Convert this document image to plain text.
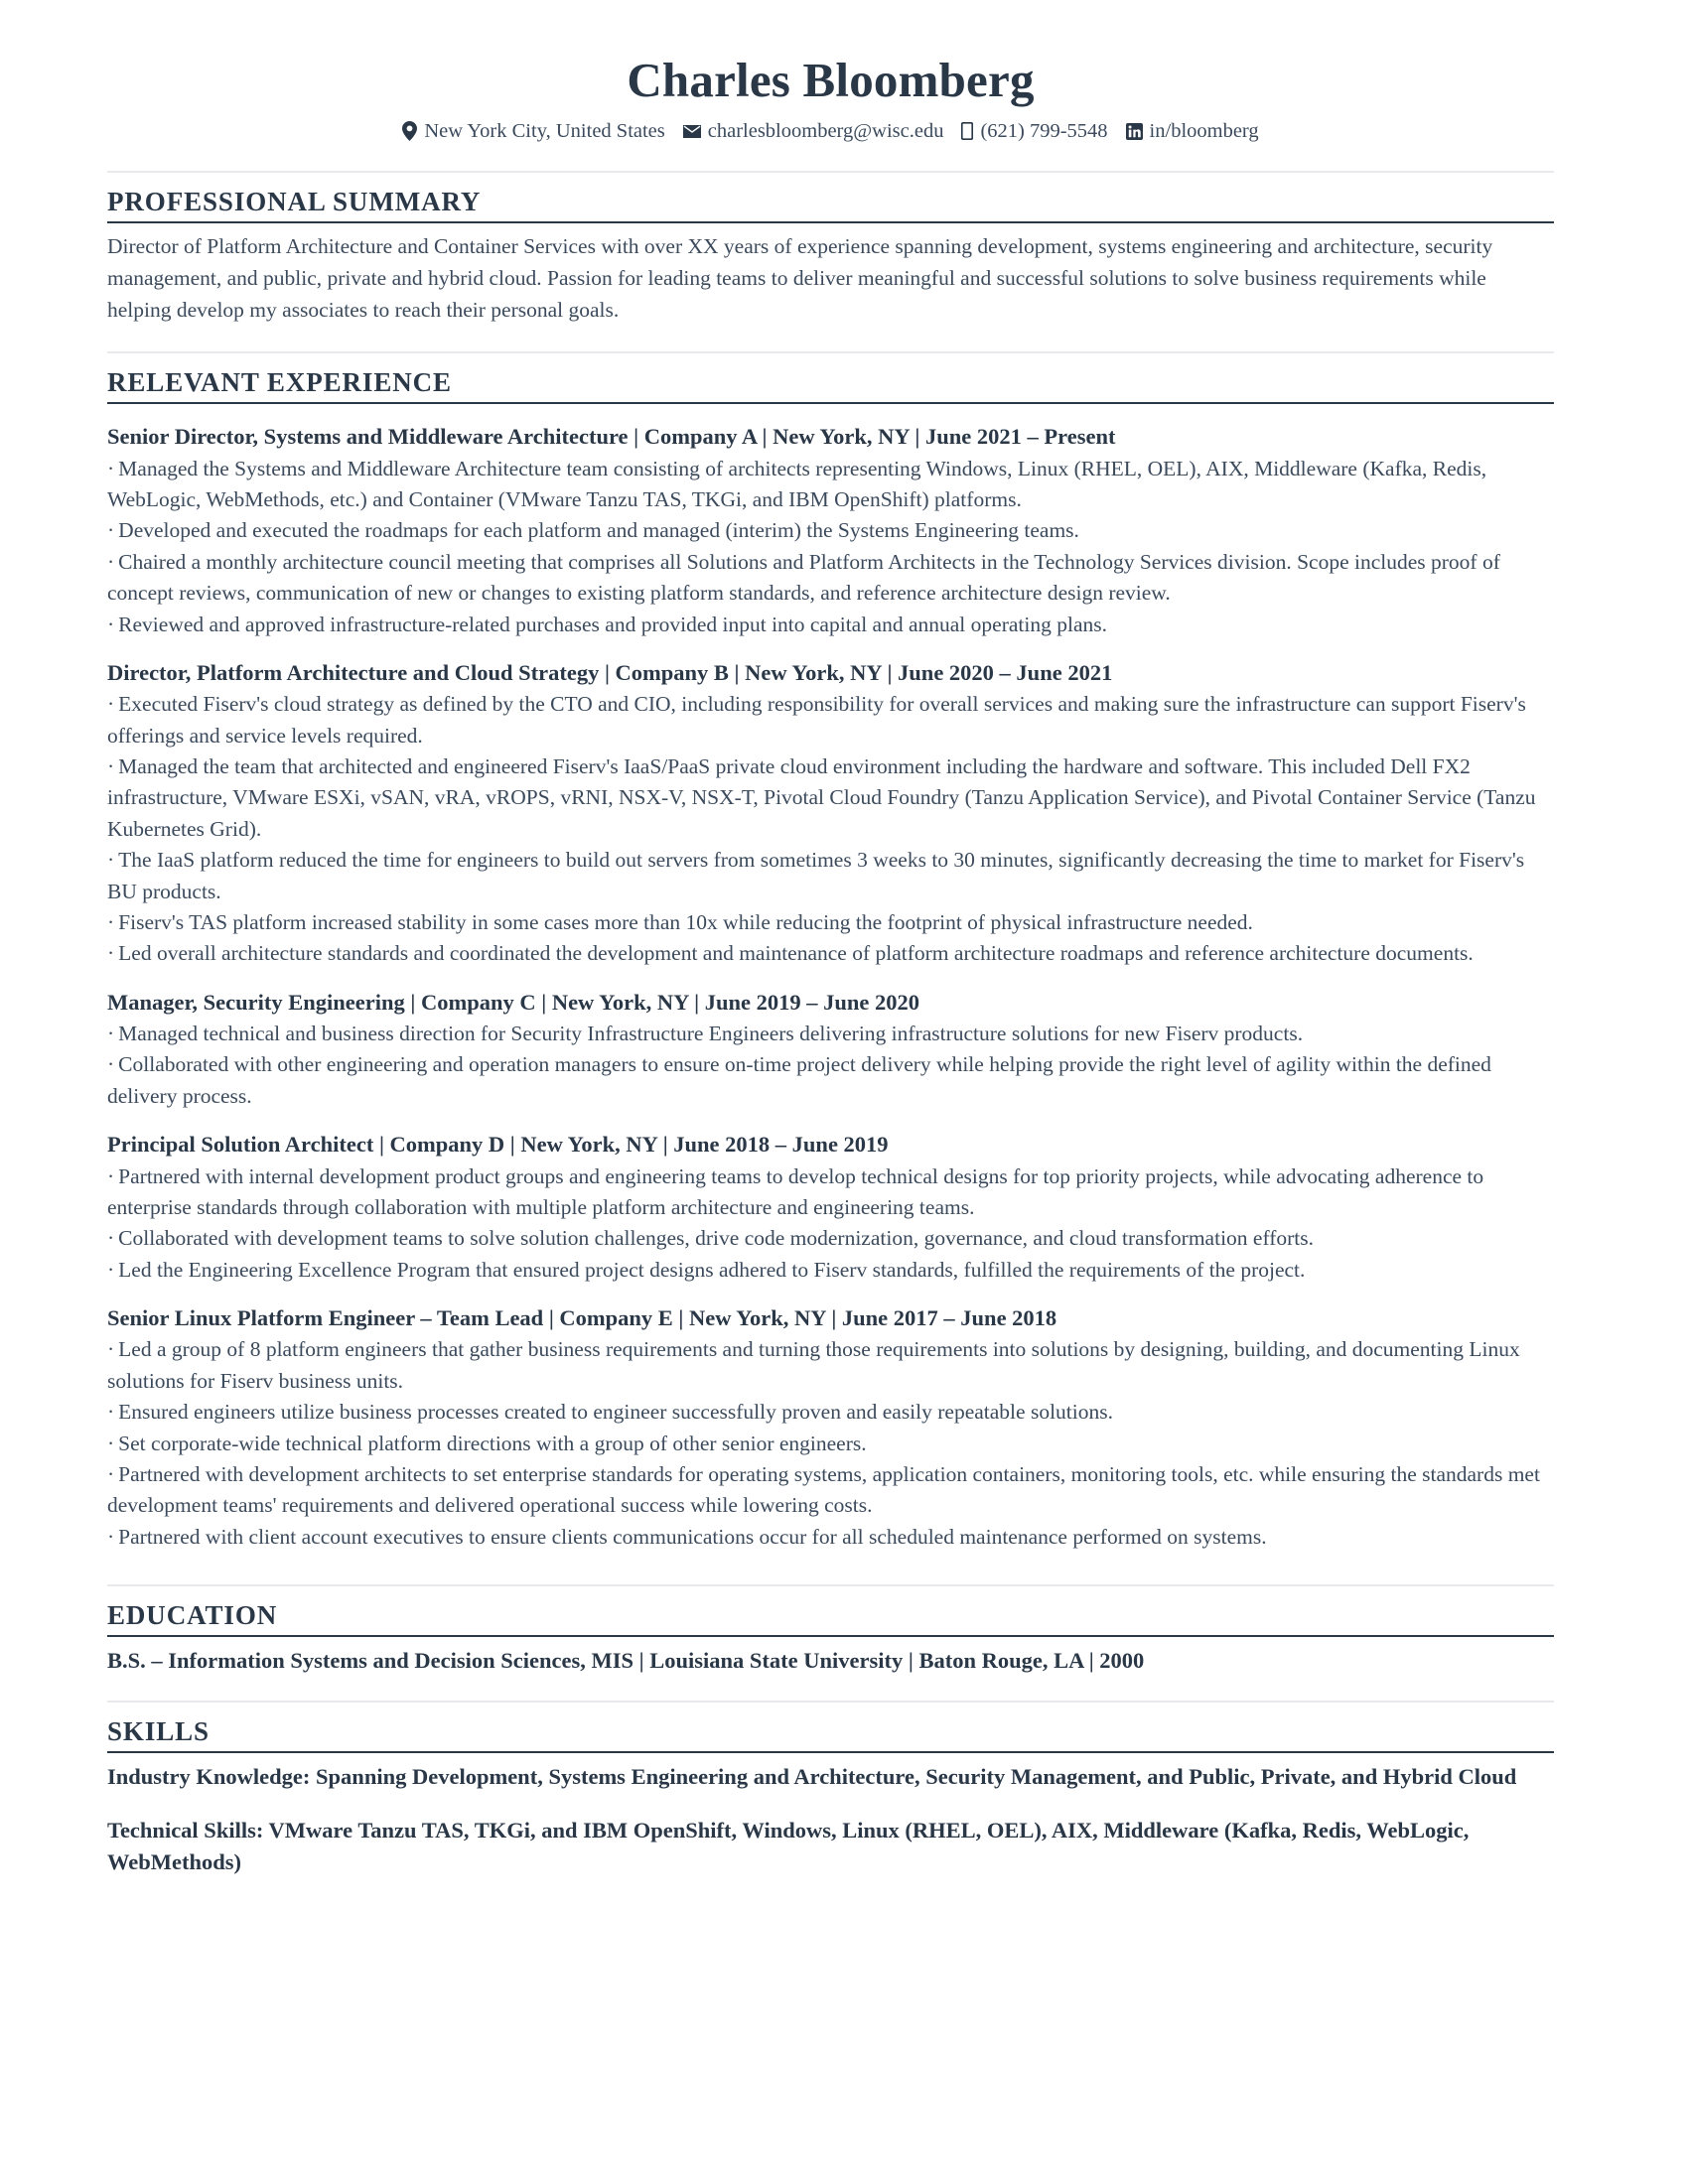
Charles Bloomberg
New York City, United States charlesbloomberg@wisc.edu (621) 799-5548 in/bloomberg
PROFESSIONAL SUMMARY
Director of Platform Architecture and Container Services with over XX years of experience spanning development, systems engineering and architecture, security management, and public, private and hybrid cloud. Passion for leading teams to deliver meaningful and successful solutions to solve business requirements while helping develop my associates to reach their personal goals.
RELEVANT EXPERIENCE
Senior Director, Systems and Middleware Architecture | Company A | New York, NY | June 2021 – Present
· Managed the Systems and Middleware Architecture team consisting of architects representing Windows, Linux (RHEL, OEL), AIX, Middleware (Kafka, Redis, WebLogic, WebMethods, etc.) and Container (VMware Tanzu TAS, TKGi, and IBM OpenShift) platforms.
· Developed and executed the roadmaps for each platform and managed (interim) the Systems Engineering teams.
· Chaired a monthly architecture council meeting that comprises all Solutions and Platform Architects in the Technology Services division. Scope includes proof of concept reviews, communication of new or changes to existing platform standards, and reference architecture design review.
· Reviewed and approved infrastructure-related purchases and provided input into capital and annual operating plans.
Director, Platform Architecture and Cloud Strategy | Company B | New York, NY | June 2020 – June 2021
· Executed Fiserv's cloud strategy as defined by the CTO and CIO, including responsibility for overall services and making sure the infrastructure can support Fiserv's offerings and service levels required.
· Managed the team that architected and engineered Fiserv's IaaS/PaaS private cloud environment including the hardware and software. This included Dell FX2 infrastructure, VMware ESXi, vSAN, vRA, vROPS, vRNI, NSX-V, NSX-T, Pivotal Cloud Foundry (Tanzu Application Service), and Pivotal Container Service (Tanzu Kubernetes Grid).
· The IaaS platform reduced the time for engineers to build out servers from sometimes 3 weeks to 30 minutes, significantly decreasing the time to market for Fiserv's BU products.
· Fiserv's TAS platform increased stability in some cases more than 10x while reducing the footprint of physical infrastructure needed.
· Led overall architecture standards and coordinated the development and maintenance of platform architecture roadmaps and reference architecture documents.
Manager, Security Engineering | Company C | New York, NY | June 2019 – June 2020
· Managed technical and business direction for Security Infrastructure Engineers delivering infrastructure solutions for new Fiserv products.
· Collaborated with other engineering and operation managers to ensure on-time project delivery while helping provide the right level of agility within the defined delivery process.
Principal Solution Architect | Company D | New York, NY | June 2018 – June 2019
· Partnered with internal development product groups and engineering teams to develop technical designs for top priority projects, while advocating adherence to enterprise standards through collaboration with multiple platform architecture and engineering teams.
· Collaborated with development teams to solve solution challenges, drive code modernization, governance, and cloud transformation efforts.
· Led the Engineering Excellence Program that ensured project designs adhered to Fiserv standards, fulfilled the requirements of the project.
Senior Linux Platform Engineer – Team Lead | Company E | New York, NY | June 2017 – June 2018
· Led a group of 8 platform engineers that gather business requirements and turning those requirements into solutions by designing, building, and documenting Linux solutions for Fiserv business units.
· Ensured engineers utilize business processes created to engineer successfully proven and easily repeatable solutions.
· Set corporate-wide technical platform directions with a group of other senior engineers.
· Partnered with development architects to set enterprise standards for operating systems, application containers, monitoring tools, etc. while ensuring the standards met development teams' requirements and delivered operational success while lowering costs.
· Partnered with client account executives to ensure clients communications occur for all scheduled maintenance performed on systems.
EDUCATION
B.S. – Information Systems and Decision Sciences, MIS | Louisiana State University | Baton Rouge, LA | 2000
SKILLS
Industry Knowledge: Spanning Development, Systems Engineering and Architecture, Security Management, and Public, Private, and Hybrid Cloud
Technical Skills: VMware Tanzu TAS, TKGi, and IBM OpenShift, Windows, Linux (RHEL, OEL), AIX, Middleware (Kafka, Redis, WebLogic, WebMethods)
